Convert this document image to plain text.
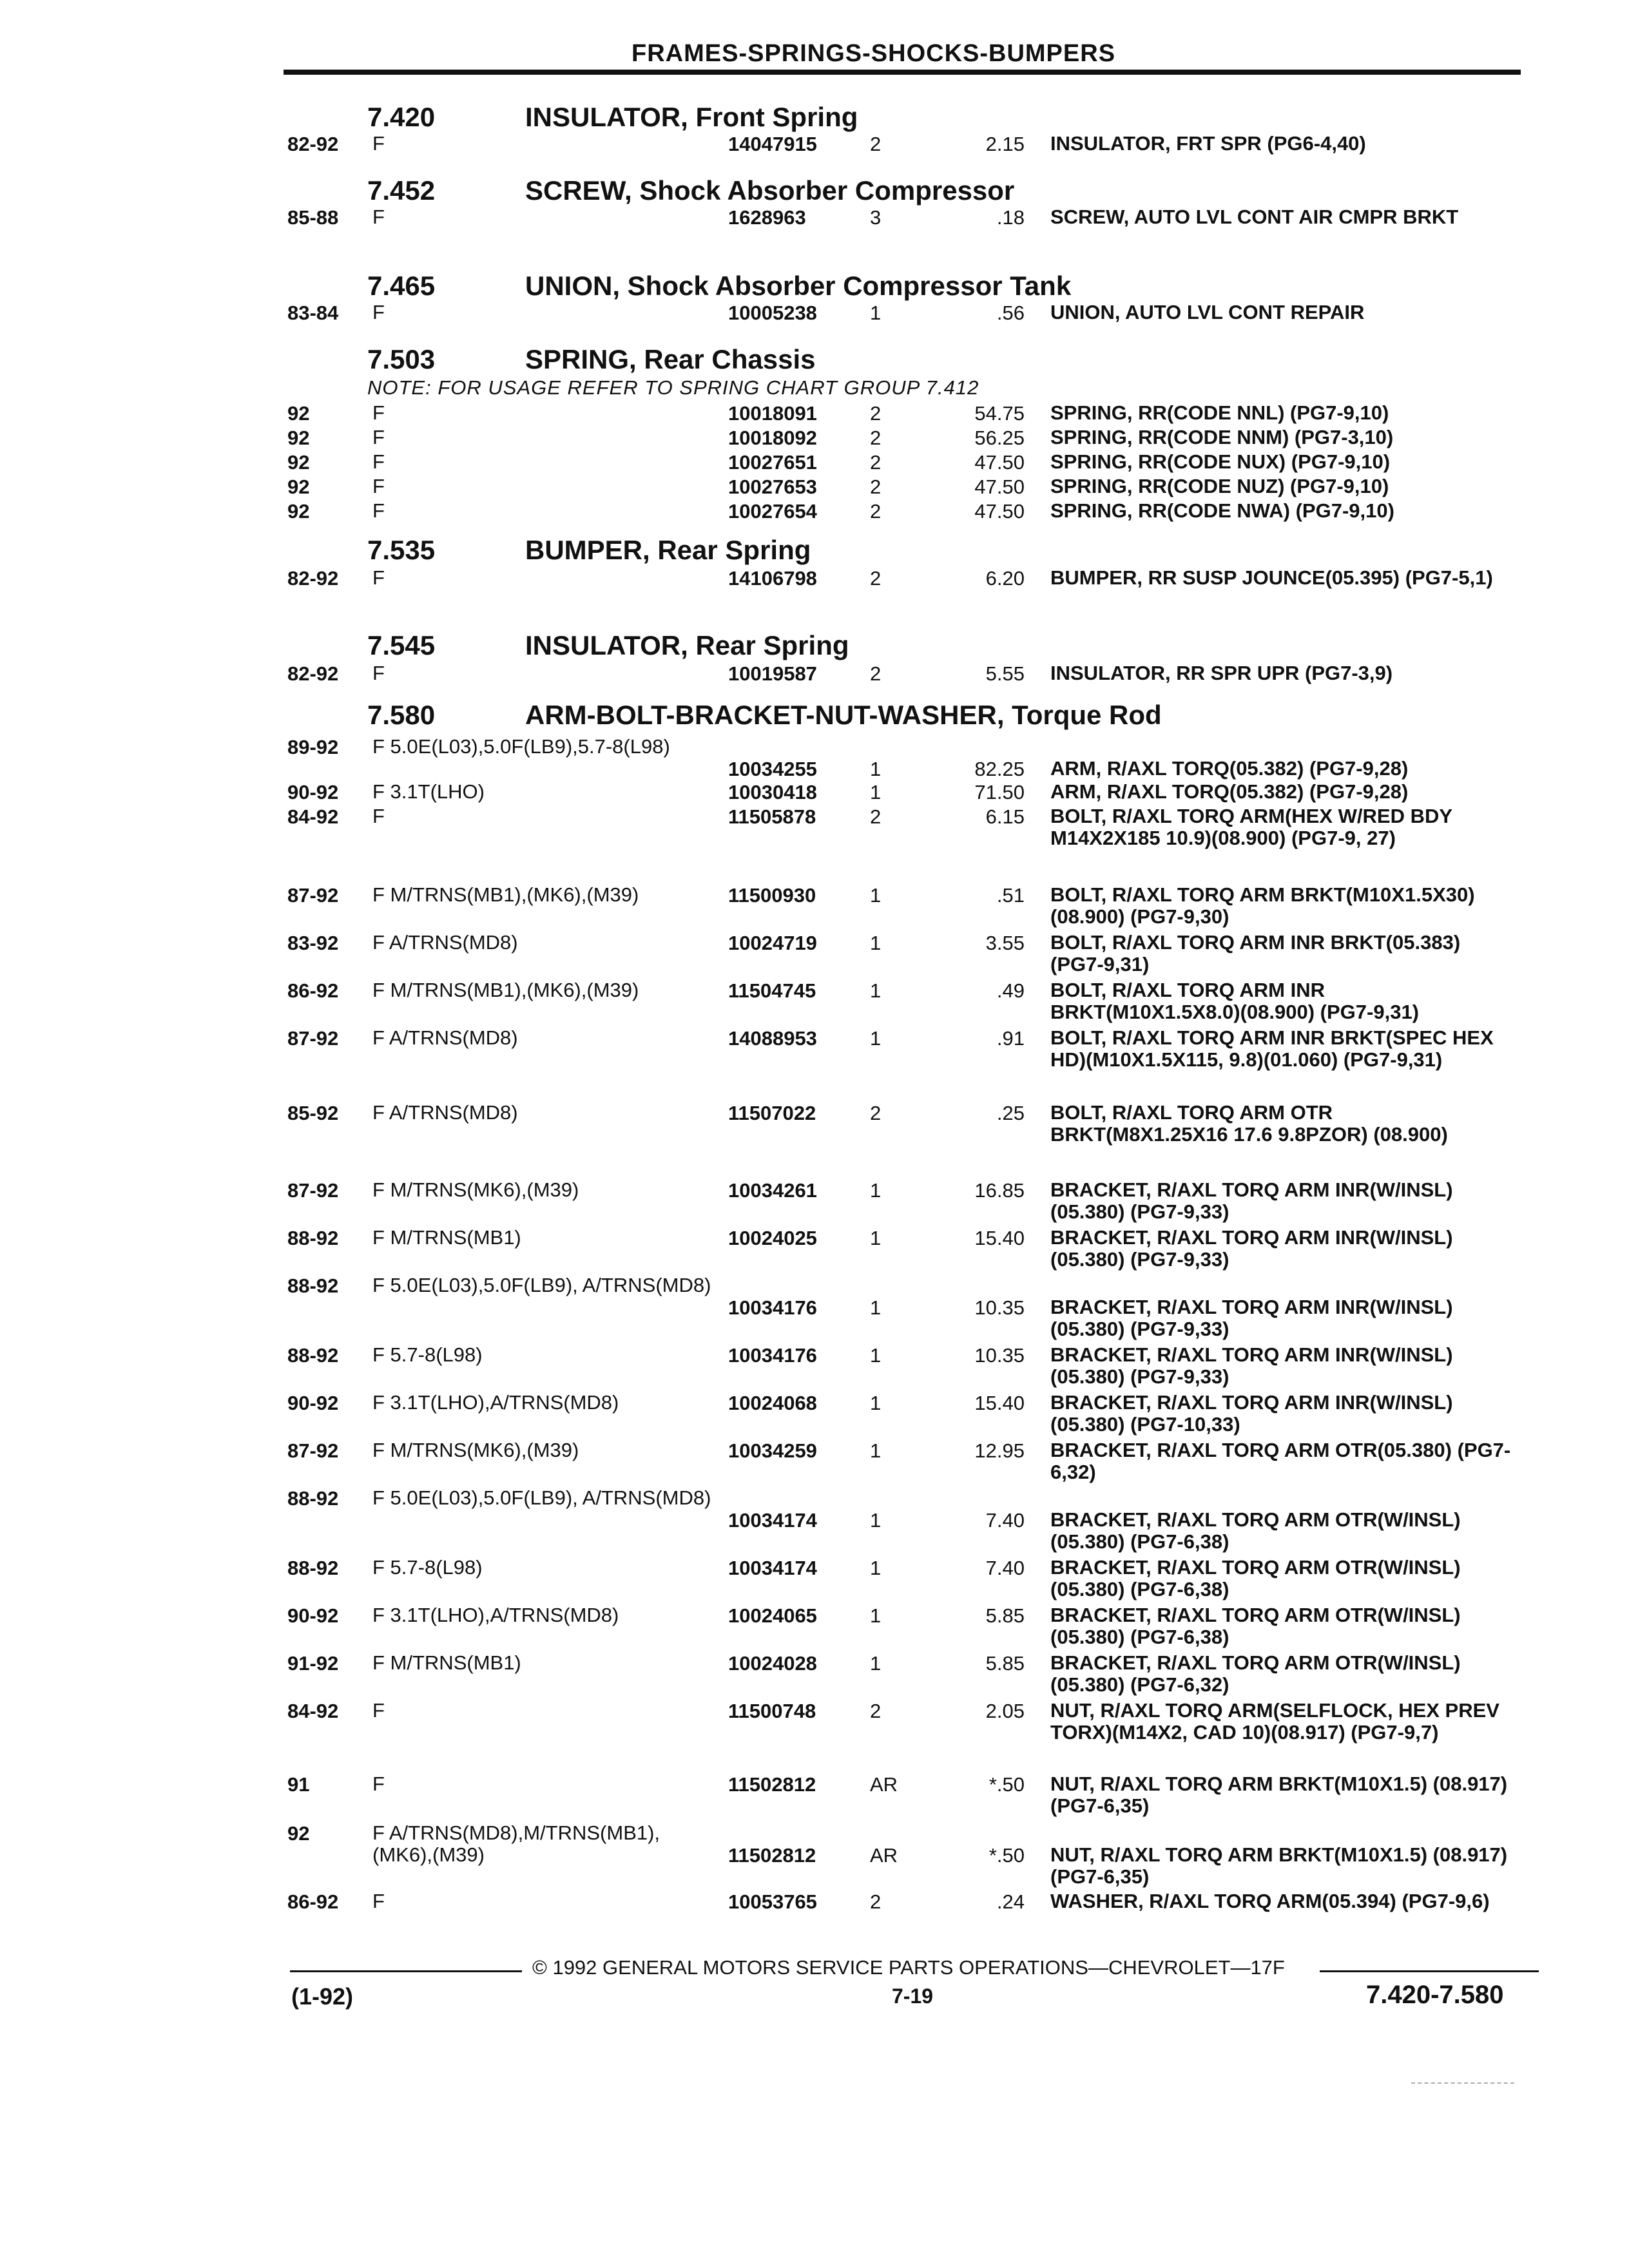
FRAMES-SPRINGS-SHOCKS-BUMPERS
7.420	INSULATOR, Front Spring
7.452	SCREW, Shock Absorber Compressor
7.465	UNION, Shock Absorber Compressor Tank
7.503	SPRING, Rear Chassis
NOTE: FOR USAGE REFER TO SPRING CHART GROUP 7.412
7.535	BUMPER, Rear Spring
7.545	INSULATOR, Rear Spring
7.580	ARM-BOLT-BRACKET-NUT-WASHER, Torque Rod
82-92 F	14047915	2	2.15 INSULATOR, FRT SPR (PG6-4,40)
85-88 F	1628963	3	.18 SCREW, AUTO LVL CONT AIR CMPR BRKT
83-84 F	10005238	1	.56 UNION, AUTO LVL CONT REPAIR
92	F	10018091	2	54.75 SPRING, RR(CODE NNL) (PG7-9,10)
92	F	10018092	2	56.25 SPRING, RR(CODE NNM) (PG7-3,10)
92	F	10027651	2	47.50 SPRING, RR(CODE NUX) (PG7-9,10)
92	F	10027653	2	47.50 SPRING, RR(CODE NUZ) (PG7-9,10)
92	F	10027654	2	47.50 SPRING, RR(CODE NWA) (PG7-9,10)
82-92 F	14106798	2	6.20 BUMPER, RR SUSP JOUNCE(05.395) (PG7-5,1)
82-92 F	10019587	2	5.55 INSULATOR, RR SPR UPR (PG7-3,9)
89-92 F 5.0E(L03),5.0F(LB9),5.7-8(L98)
10034255	1	82.25 ARM, R/AXL TORQ(05.382) (PG7-9,28)
90-92 F 3.1T(LHO)	10030418	1	71.50 ARM, R/AXL TORQ(05.382) (PG7-9,28)
84-92 F	11505878	2	6.15 BOLT, R/AXL TORQ ARM(HEX W/RED BDY M14X2X185 10.9)(08.900) (PG7-9, 27)
87-92 F M/TRNS(MB1),(MK6),(M39)	11500930	1	.51 BOLT, R/AXL TORQ ARM BRKT(M10X1.5X30)(08.900) (PG7-9,30)
83-92 F A/TRNS(MD8)	10024719	1	3.55 BOLT, R/AXL TORQ ARM INR BRKT(05.383) (PG7-9,31)
86-92 F M/TRNS(MB1),(MK6),(M39)	11504745	1	.49 BOLT, R/AXL TORQ ARM INR BRKT(M10X1.5X8.0)(08.900) (PG7-9,31)
87-92 F A/TRNS(MD8)	14088953	1	.91 BOLT, R/AXL TORQ ARM INR BRKT(SPEC HEX HD)(M10X1.5X115, 9.8)(01.060) (PG7-9,31)
85-92 F A/TRNS(MD8)	11507022	2	.25 BOLT, R/AXL TORQ ARM OTR BRKT(M8X1.25X16 17.6 9.8PZOR) (08.900)
87-92 F M/TRNS(MK6),(M39)	10034261	1	16.85 BRACKET, R/AXL TORQ ARM INR(W/INSL)(05.380) (PG7-9,33)
88-92 F M/TRNS(MB1)	10024025	1	15.40 BRACKET, R/AXL TORQ ARM INR(W/INSL)(05.380) (PG7-9,33)
88-92 F 5.0E(L03),5.0F(LB9), A/TRNS(MD8)
10034176	1	10.35 BRACKET, R/AXL TORQ ARM INR(W/INSL)(05.380) (PG7-9,33)
88-92 F 5.7-8(L98)	10034176	1	10.35 BRACKET, R/AXL TORQ ARM INR(W/INSL)(05.380) (PG7-9,33)
90-92 F 3.1T(LHO),A/TRNS(MD8)	10024068	1	15.40 BRACKET, R/AXL TORQ ARM INR(W/INSL)(05.380) (PG7-10,33)
87-92 F M/TRNS(MK6),(M39)	10034259	1	12.95 BRACKET, R/AXL TORQ ARM OTR(05.380) (PG7-6,32)
88-92 F 5.0E(L03),5.0F(LB9), A/TRNS(MD8)
10034174	1	7.40 BRACKET, R/AXL TORQ ARM OTR(W/INSL)(05.380) (PG7-6,38)
88-92 F 5.7-8(L98)	10034174	1	7.40 BRACKET, R/AXL TORQ ARM OTR(W/INSL)(05.380) (PG7-6,38)
90-92 F 3.1T(LHO),A/TRNS(MD8)	10024065	1	5.85 BRACKET, R/AXL TORQ ARM OTR(W/INSL)(05.380) (PG7-6,38)
91-92 F M/TRNS(MB1)	10024028	1	5.85 BRACKET, R/AXL TORQ ARM OTR(W/INSL)(05.380) (PG7-6,32)
84-92 F	11500748	2	2.05 NUT, R/AXL TORQ ARM(SELFLOCK, HEX PREV TORX)(M14X2, CAD 10)(08.917) (PG7-9,7)
91	F	11502812	AR	*.50 NUT, R/AXL TORQ ARM BRKT(M10X1.5) (08.917) (PG7-6,35)
92	F A/TRNS(MD8),M/TRNS(MB1), (MK6),(M39)	11502812	AR	*.50 NUT, R/AXL TORQ ARM BRKT(M10X1.5) (08.917) (PG7-6,35)
86-92 F	10053765	2	.24 WASHER, R/AXL TORQ ARM(05.394) (PG7-9,6)
© 1992 GENERAL MOTORS SERVICE PARTS OPERATIONS—CHEVROLET—17F
(1-92)	7-19	7.420-7.580
